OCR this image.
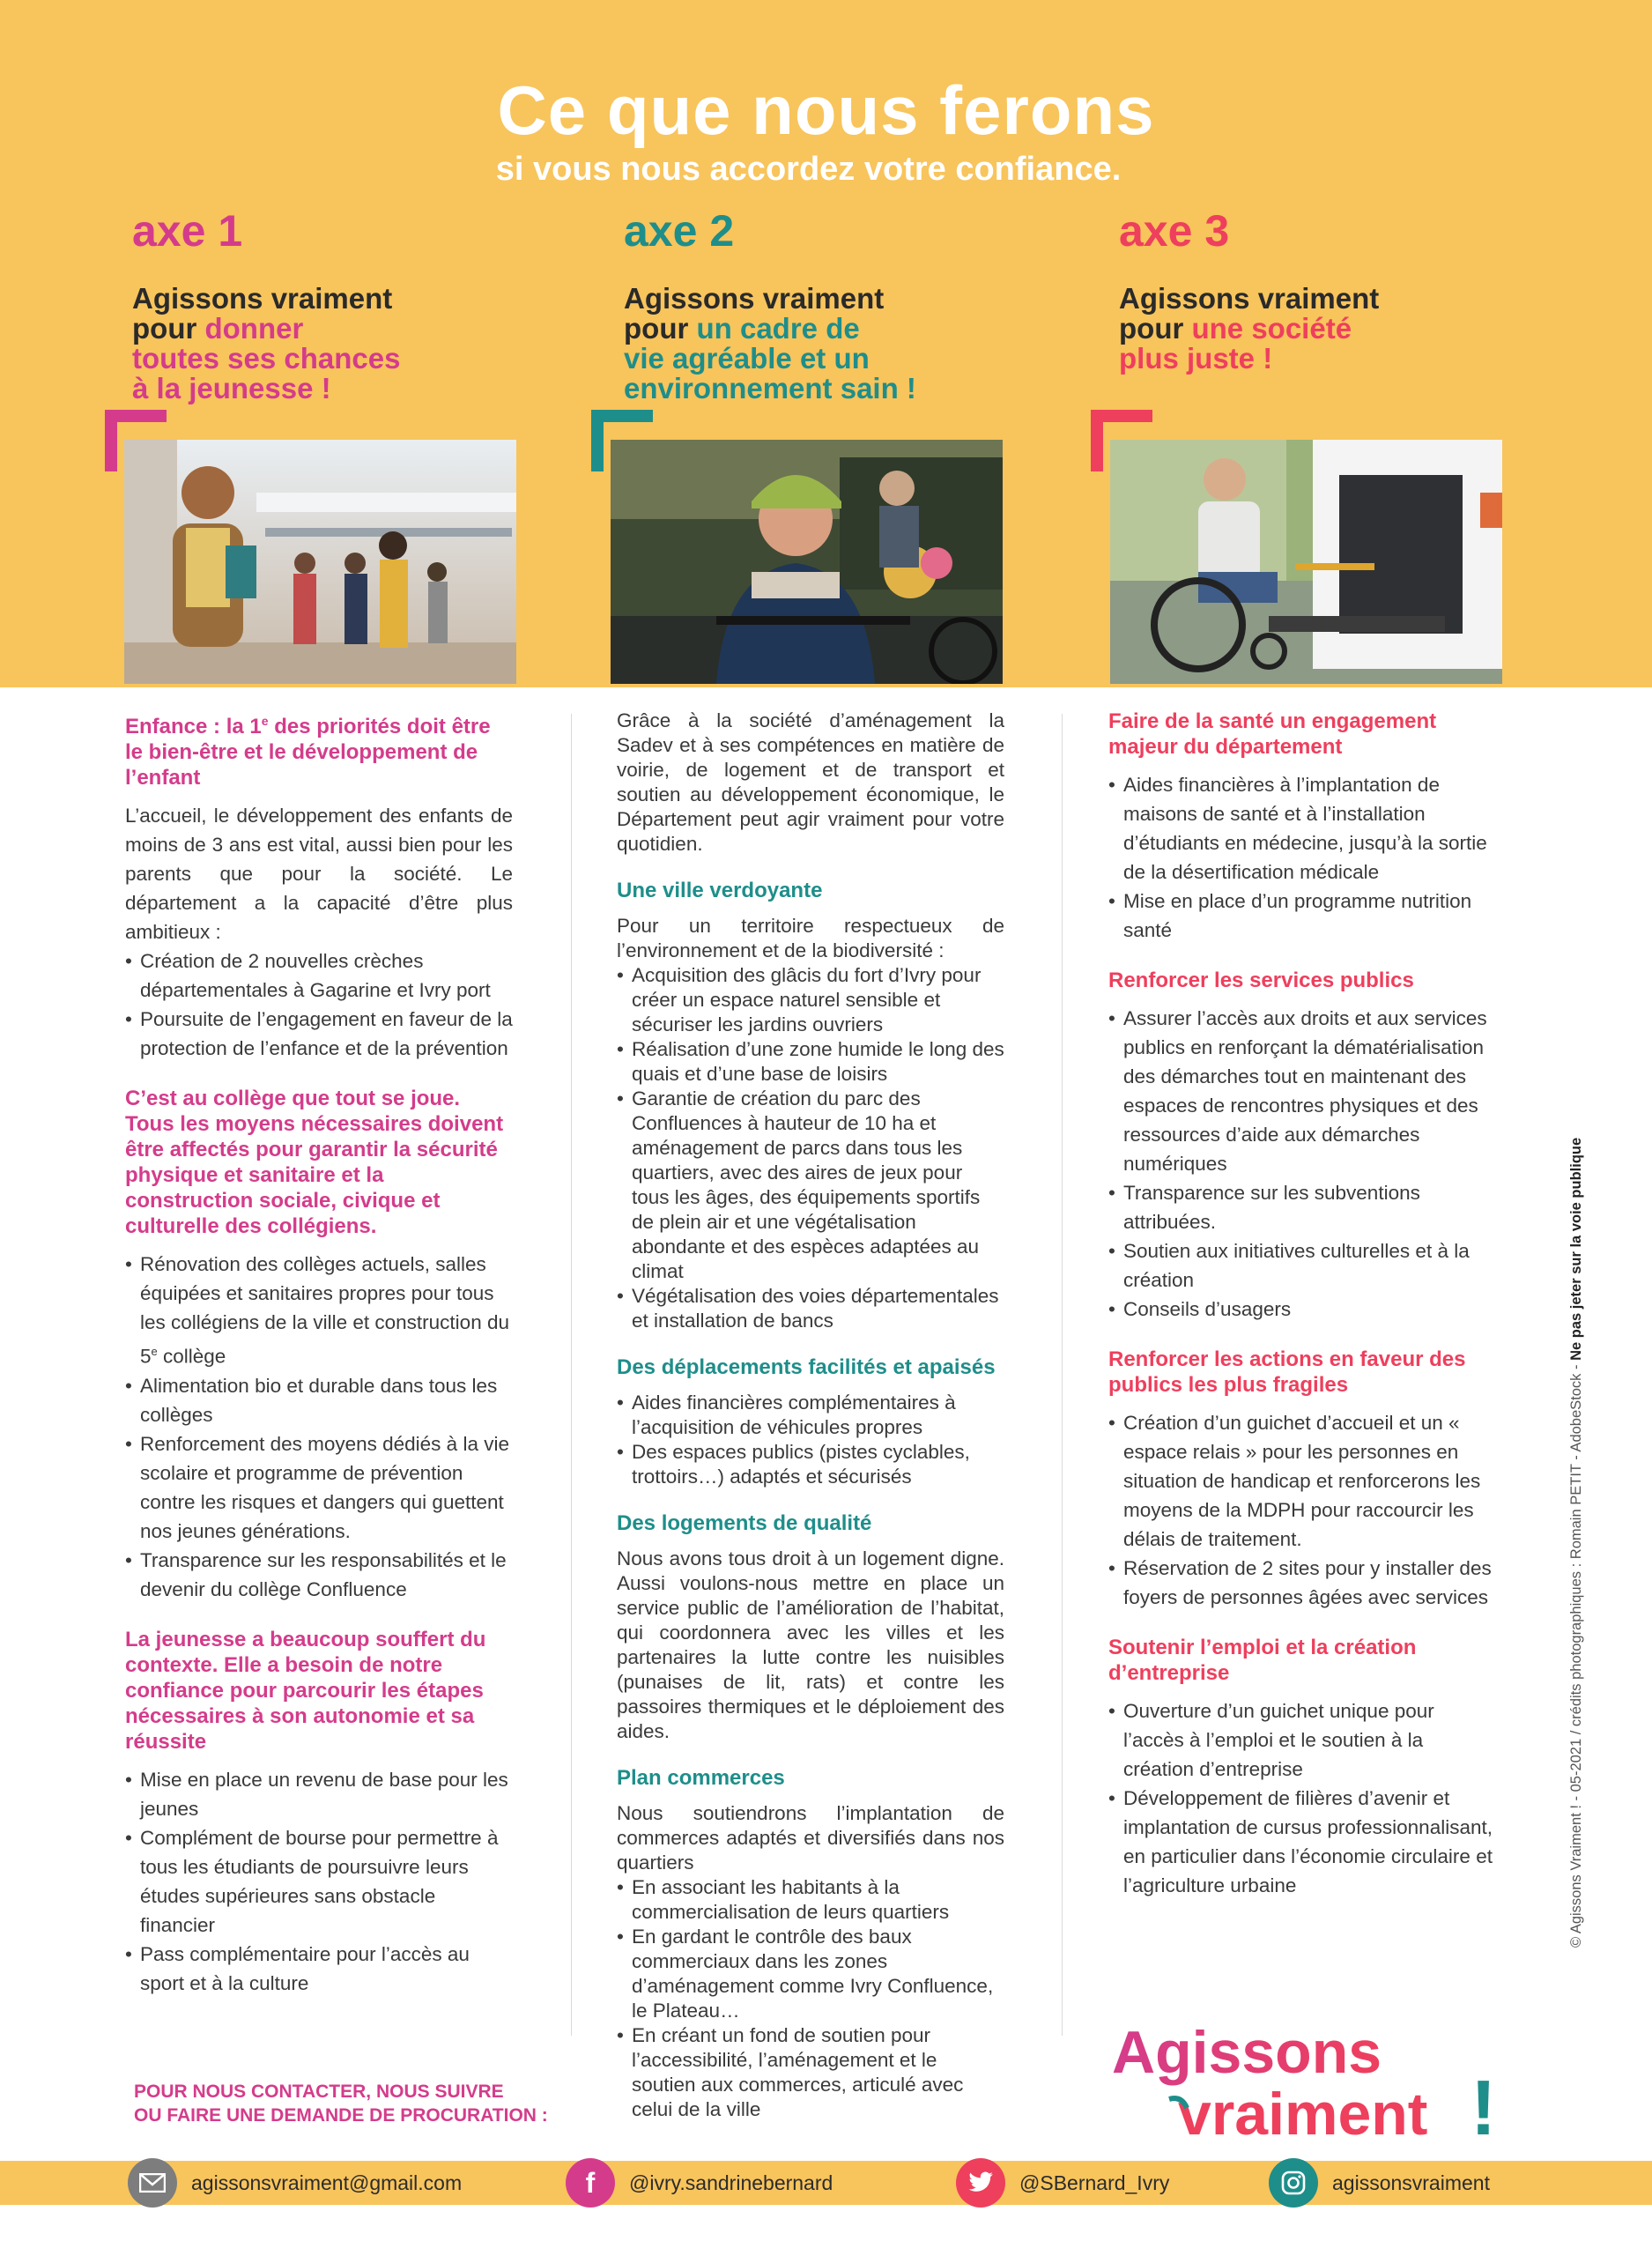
Ce que nous ferons

si vous nous accordez votre confiance.

axe 1
Agissons vraiment
pour donner
toutes ses chances
à la jeunesse !
axe 2
Agissons vraiment
pour un cadre de
vie agréable et un
environnement sain !
axe 3
Agissons vraiment
pour une société
plus juste !
Enfance : la 1e des priorités doit être le bien-être et le développement de l’enfant

L’accueil, le développement des enfants de moins de 3 ans est vital, aussi bien pour les parents que pour la société. Le département a la capacité d’être plus ambitieux :

• Création de 2 nouvelles crèches départementales à Gagarine et Ivry port
• Poursuite de l’engagement en faveur de la protection de l’enfance et de la prévention
C’est au collège que tout se joue. Tous les moyens nécessaires doivent être affectés pour garantir la sécurité physique et sanitaire et la construction sociale, civique et culturelle des collégiens.
• Rénovation des collèges actuels, salles équipées et sanitaires propres pour tous les collégiens de la ville et construction du 5e collège
• Alimentation bio et durable dans tous les collèges
• Renforcement des moyens dédiés à la vie scolaire et programme de prévention contre les risques et dangers qui guettent nos jeunes générations.
• Transparence sur les responsabilités et le devenir du collège Confluence
La jeunesse a beaucoup souffert du contexte. Elle a besoin de notre confiance pour parcourir les étapes nécessaires à son autonomie et sa réussite
• Mise en place un revenu de base pour les jeunes
• Complément de bourse pour permettre à tous les étudiants de poursuivre leurs études supérieures sans obstacle financier
• Pass complémentaire pour l’accès au sport et à la culture

Grâce à la société d’aménagement la Sadev et à ses compétences en matière de voirie, de logement et de transport et soutien au développement économique, le Département peut agir vraiment pour votre quotidien.

Une ville verdoyante

Pour un territoire respectueux de l’environnement et de la biodiversité :

• Acquisition des glâcis du fort d’Ivry pour créer un espace naturel sensible et sécuriser les jardins ouvriers
• Réalisation d’une zone humide le long des quais et d’une base de loisirs
• Garantie de création du parc des Confluences à hauteur de 10 ha et aménagement de parcs dans tous les quartiers, avec des aires de jeux pour tous les âges, des équipements sportifs de plein air et une végétalisation abondante et des espèces adaptées au climat
• Végétalisation des voies départementales et installation de bancs
Des déplacements facilités et apaisés
• Aides financières complémentaires à l’acquisition de véhicules propres
• Des espaces publics (pistes cyclables, trottoirs…) adaptés et sécurisés
Des logements de qualité

Nous avons tous droit à un logement digne. Aussi voulons-nous mettre en place un service public de l’amélioration de l’habitat, qui coordonnera avec les villes et les partenaires la lutte contre les nuisibles (punaises de lit, rats) et contre les passoires thermiques et le déploiement des aides.

Plan commerces

Nous soutiendrons l’implantation de commerces adaptés et diversifiés dans nos quartiers

• En associant les habitants à la commercialisation de leurs quartiers
• En gardant le contrôle des baux commerciaux dans les zones d’aménagement comme Ivry Confluence, le Plateau…
• En créant un fond de soutien pour l’accessibilité, l’aménagement et le soutien aux commerces, articulé avec celui de la ville
Faire de la santé un engagement majeur du département
• Aides financières à l’implantation de maisons de santé et à l’installation d’étudiants en médecine, jusqu’à la sortie de la désertification médicale
• Mise en place d’un programme nutrition santé
Renforcer les services publics
• Assurer l’accès aux droits et aux services publics en renforçant la dématérialisation des démarches tout en maintenant des espaces de rencontres physiques et des ressources d’aide aux démarches numériques
• Transparence sur les subventions attribuées.
• Soutien aux initiatives culturelles et à la création
• Conseils d’usagers
Renforcer les actions en faveur des publics les plus fragiles
• Création d’un guichet d’accueil et un « espace relais » pour les personnes en situation de handicap et renforcerons les moyens de la MDPH pour raccourcir les délais de traitement.
• Réservation de 2 sites pour y installer des foyers de personnes âgées avec services
Soutenir l’emploi et la création d’entreprise
• Ouverture d’un guichet unique pour l’accès à l’emploi et le soutien à la création d’entreprise
• Développement de filières d’avenir et implantation de cursus professionnalisant, en particulier dans l’économie circulaire et l’agriculture urbaine	© Agissons Vraiment ! - 05-2021 / crédits photographiques : Romain PETIT - AdobeStock - Ne pas jeter sur la voie publique
POUR NOUS CONTACTER, NOUS SUIVRE
OU FAIRE UNE DEMANDE DE PROCURATION :
Agissons
vraiment !
agissonsvraiment@gmail.com	f @ivry.sandrinebernard	@SBernard_Ivry	agissonsvraiment
